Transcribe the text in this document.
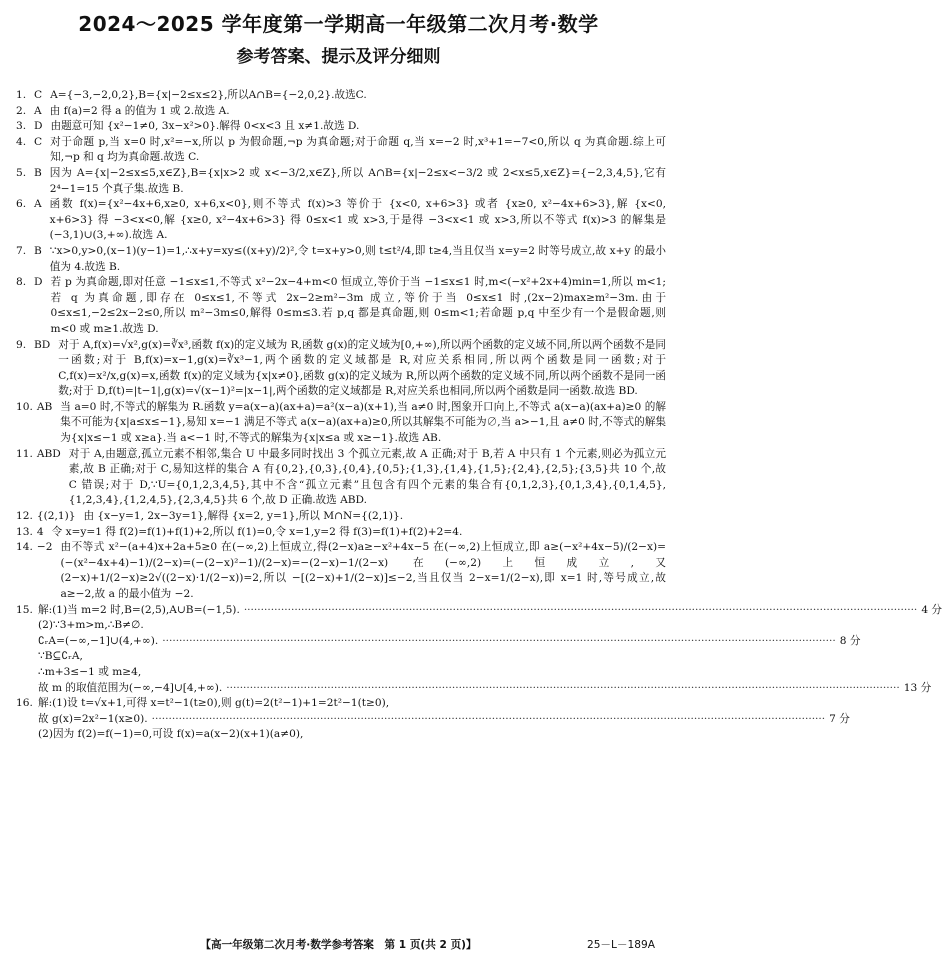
2024～2025 学年度第一学期高一年级第二次月考·数学
参考答案、提示及评分细则
1. C A={−3,−2,0,2},B={x|−2≤x≤2},所以A∩B={−2,0,2}.故选C.
2. A 由 f(a)=2 得 a 的值为 1 或 2.故选 A.
3. D 由题意可知 {x²−1≠0, 3x−x²>0}.解得 0<x<3 且 x≠1.故选 D.
4. C 对于命题 p,当 x=0 时,x²=−x,所以 p 为假命题,¬p 为真命题;对于命题 q,当 x=−2 时,x³+1=−7<0,所以 q 为真命题.综上可知,¬p 和 q 均为真命题.故选 C.
5. B 因为 A={x|−2≤x≤5,x∈Z},B={x|x>2 或 x<−3/2,x∈Z},所以 A∩B={x|−2≤x<−3/2 或 2<x≤5,x∈Z}={−2,3,4,5},它有 2⁴−1=15 个真子集.故选 B.
6. A 函数 f(x)={x²−4x+6,x≥0, x+6,x<0},则不等式 f(x)>3 等价于 {x<0, x+6>3} 或者 {x≥0, x²−4x+6>3},解 {x<0, x+6>3} 得 −3<x<0,解 {x≥0, x²−4x+6>3} 得 0≤x<1 或 x>3,于是得 −3<x<1 或 x>3,所以不等式 f(x)>3 的解集是(−3,1)∪(3,+∞).故选 A.
7. B ∵x>0,y>0,(x−1)(y−1)=1,∴x+y=xy≤((x+y)/2)²,令 t=x+y>0,则 t≤t²/4,即 t≥4,当且仅当 x=y=2 时等号成立,故 x+y 的最小值为 4.故选 B.
8. D 若 p 为真命题,即对任意 −1≤x≤1,不等式 x²−2x−4+m<0 恒成立,等价于当 −1≤x≤1 时,m<(−x²+2x+4)min=1,所以 m<1;若 q 为真命题,即存在 0≤x≤1,不等式 2x−2≥m²−3m 成立,等价于当 0≤x≤1 时,(2x−2)max≥m²−3m.由于 0≤x≤1,−2≤2x−2≤0,所以 m²−3m≤0,解得 0≤m≤3.若 p,q 都是真命题,则 0≤m<1;若命题 p,q 中至少有一个是假命题,则 m<0 或 m≥1.故选 D.
9. BD 对于 A,f(x)=√x²,g(x)=∛x³,函数 f(x)的定义域为 R,函数 g(x)的定义域为[0,+∞),所以两个函数的定义域不同,所以两个函数不是同一函数;对于 B,f(x)=x−1,g(x)=∛x³−1,两个函数的定义域都是 R,对应关系相同,所以两个函数是同一函数;对于 C,f(x)=x²/x,g(x)=x,函数 f(x)的定义域为{x|x≠0},函数 g(x)的定义域为 R,所以两个函数的定义域不同,所以两个函数不是同一函数;对于 D,f(t)=|t−1|,g(x)=√(x−1)²=|x−1|,两个函数的定义域都是 R,对应关系也相同,所以两个函数是同一函数.故选 BD.
10. AB 当 a=0 时,不等式的解集为 R.函数 y=a(x−a)(ax+a)=a²(x−a)(x+1),当 a≠0 时,图象开口向上,不等式 a(x−a)(ax+a)≥0 的解集不可能为{x|a≤x≤−1},易知 x=−1 满足不等式 a(x−a)(ax+a)≥0,所以其解集不可能为∅,当 a>−1,且 a≠0 时,不等式的解集为{x|x≤−1 或 x≥a}.当 a<−1 时,不等式的解集为{x|x≤a 或 x≥−1}.故选 AB.
11. ABD 对于 A,由题意,孤立元素不相邻,集合 U 中最多同时找出 3 个孤立元素,故 A 正确;对于 B,若 A 中只有 1 个元素,则必为孤立元素,故 B 正确;对于 C,易知这样的集合 A 有{0,2},{0,3},{0,4},{0,5};{1,3},{1,4},{1,5};{2,4},{2,5};{3,5}共 10 个,故 C 错误;对于 D,∵U={0,1,2,3,4,5},其中不含“孤立元素”且包含有四个元素的集合有{0,1,2,3},{0,1,3,4},{0,1,4,5},{1,2,3,4},{1,2,4,5},{2,3,4,5}共 6 个,故 D 正确.故选 ABD.
12. {(2,1)} 由 {x−y=1, 2x−3y=1},解得 {x=2, y=1},所以 M∩N={(2,1)}.
13. 4 令 x=y=1 得 f(2)=f(1)+f(1)+2,所以 f(1)=0,令 x=1,y=2 得 f(3)=f(1)+f(2)+2=4.
14. −2 由不等式 x²−(a+4)x+2a+5≥0 在(−∞,2)上恒成立,得(2−x)a≥−x²+4x−5 在(−∞,2)上恒成立,即 a≥(−x²+4x−5)/(2−x)=(−(x²−4x+4)−1)/(2−x)=(−(2−x)²−1)/(2−x)=−(2−x)−1/(2−x) 在(−∞,2)上恒成立,又(2−x)+1/(2−x)≥2√((2−x)·1/(2−x))=2,所以 −[(2−x)+1/(2−x)]≤−2,当且仅当 2−x=1/(2−x),即 x=1 时,等号成立,故 a≥−2,故 a 的最小值为 −2.
15. 解:(1)当 m=2 时,B=(2,5),A∪B=(−1,5). ········································································································································································································ 4 分
(2)∵3+m>m,∴B≠∅.
∁ᵣA=(−∞,−1]∪(4,+∞). ········································································································································································································ 8 分
∵B⊆∁ᵣA,
∴m+3≤−1 或 m≥4,
故 m 的取值范围为(−∞,−4]∪[4,+∞). ········································································································································································································ 13 分
16. 解:(1)设 t=√x+1,可得 x=t²−1(t≥0),则 g(t)=2(t²−1)+1=2t²−1(t≥0),
故 g(x)=2x²−1(x≥0). ········································································································································································································ 7 分
(2)因为 f(2)=f(−1)=0,可设 f(x)=a(x−2)(x+1)(a≠0),
【高一年级第二次月考·数学参考答案　第 1 页(共 2 页)】	25－L－189A
